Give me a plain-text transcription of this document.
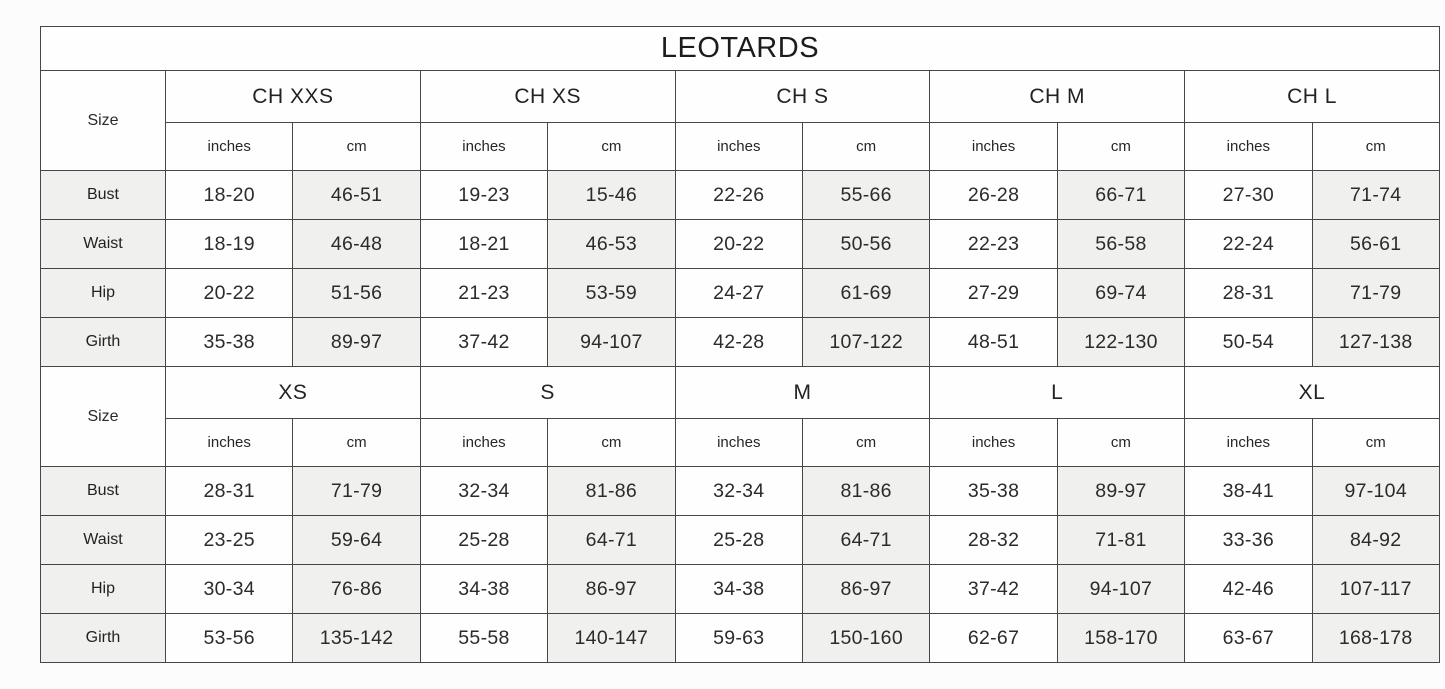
LEOTARDS										
Size	CH XXS		CH XS		CH S		CH M		CH L	
	inches	cm	inches	cm	inches	cm	inches	cm	inches	cm
Bust	18-20	46-51	19-23	15-46	22-26	55-66	26-28	66-71	27-30	71-74
Waist	18-19	46-48	18-21	46-53	20-22	50-56	22-23	56-58	22-24	56-61
Hip	20-22	51-56	21-23	53-59	24-27	61-69	27-29	69-74	28-31	71-79
Girth	35-38	89-97	37-42	94-107	42-28	107-122	48-51	122-130	50-54	127-138
Size	XS		S		M		L		XL	
	inches	cm	inches	cm	inches	cm	inches	cm	inches	cm
Bust	28-31	71-79	32-34	81-86	32-34	81-86	35-38	89-97	38-41	97-104
Waist	23-25	59-64	25-28	64-71	25-28	64-71	28-32	71-81	33-36	84-92
Hip	30-34	76-86	34-38	86-97	34-38	86-97	37-42	94-107	42-46	107-117
Girth	53-56	135-142	55-58	140-147	59-63	150-160	62-67	158-170	63-67	168-178
